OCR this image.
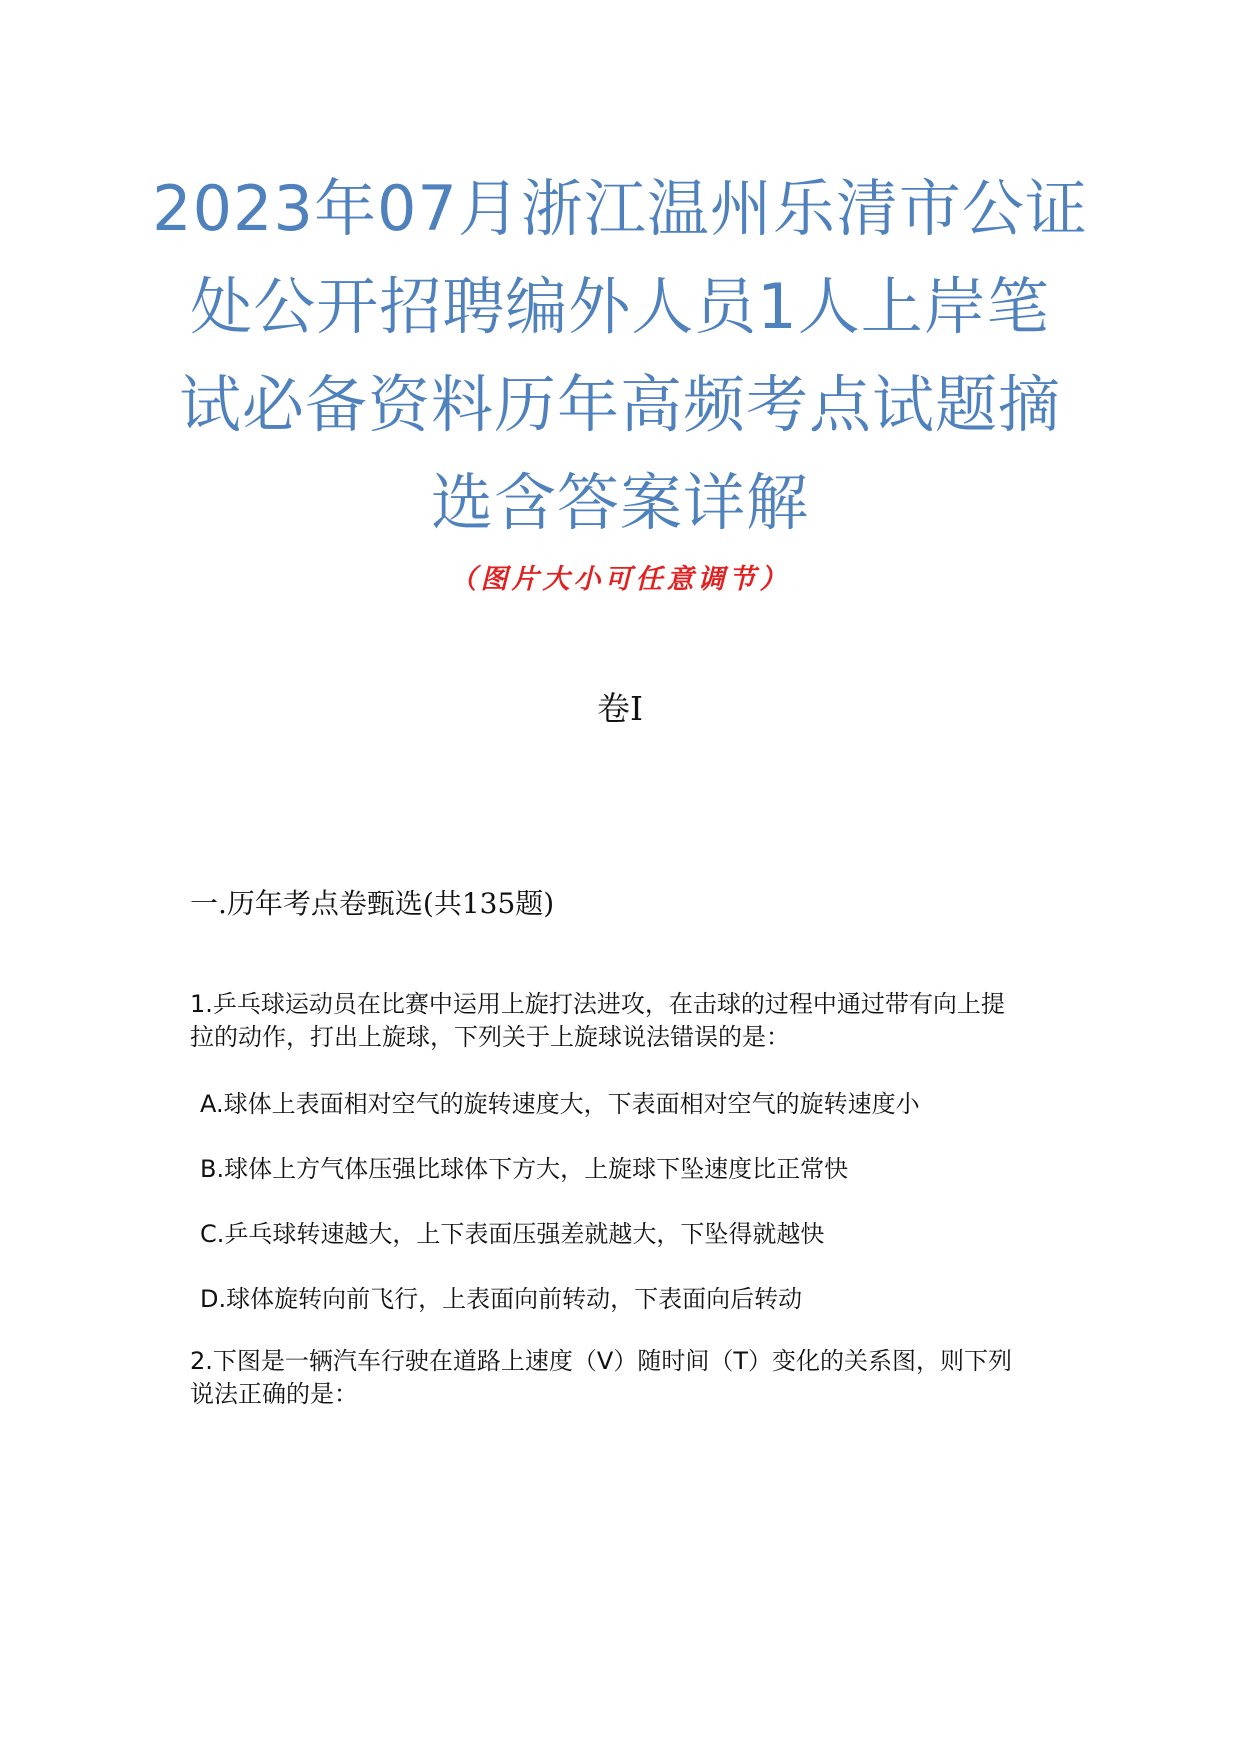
2023年07月浙江温州乐清市公证
处公开招聘编外人员1人上岸笔
试必备资料历年高频考点试题摘
选含答案详解
（图片大小可任意调节）
卷I
一.历年考点卷甄选(共135题)
1.乒乓球运动员在比赛中运用上旋打法进攻，在击球的过程中通过带有向上提
拉的动作，打出上旋球，下列关于上旋球说法错误的是：
A.球体上表面相对空气的旋转速度大，下表面相对空气的旋转速度小
B.球体上方气体压强比球体下方大，上旋球下坠速度比正常快
C.乒乓球转速越大，上下表面压强差就越大，下坠得就越快
D.球体旋转向前飞行，上表面向前转动，下表面向后转动
2.下图是一辆汽车行驶在道路上速度（V）随时间（T）变化的关系图，则下列
说法正确的是：
